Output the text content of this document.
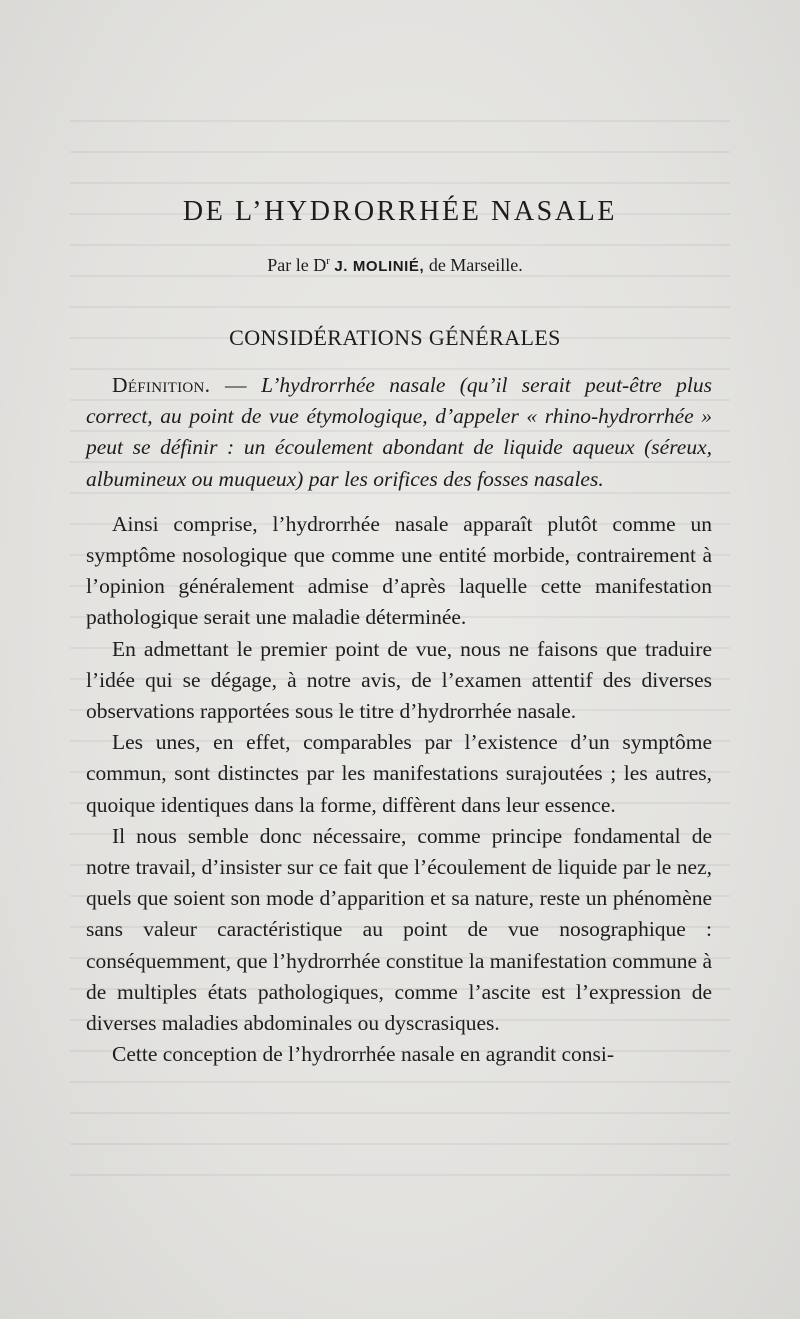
DE L’HYDRORRHÉE NASALE

Par le $D^r$ J. MOLINIÉ, de Marseille.

CONSIDÉRATIONS GÉNÉRALES

Définition. — L’hydrorrhée nasale (qu’il serait peut-être plus correct, au point de vue étymologique, d’appeler « rhino-hydrorrhée » peut se définir : un écoulement abondant de liquide aqueux (séreux, albumineux ou muqueux) par les orifices des fosses nasales.

Ainsi comprise, l’hydrorrhée nasale apparaît plutôt comme un symptôme nosologique que comme une entité morbide, contrairement à l’opinion généralement admise d’après laquelle cette manifestation pathologique serait une maladie déterminée.

En admettant le premier point de vue, nous ne faisons que traduire l’idée qui se dégage, à notre avis, de l’examen attentif des diverses observations rapportées sous le titre d’hydrorrhée nasale.

Les unes, en effet, comparables par l’existence d’un symptôme commun, sont distinctes par les manifestations surajoutées ; les autres, quoique identiques dans la forme, diffèrent dans leur essence.

Il nous semble donc nécessaire, comme principe fondamental de notre travail, d’insister sur ce fait que l’écoulement de liquide par le nez, quels que soient son mode d’apparition et sa nature, reste un phénomène sans valeur caractéristique au point de vue nosographique : conséquemment, que l’hydrorrhée constitue la manifestation commune à de multiples états pathologiques, comme l’ascite est l’expression de diverses maladies abdominales ou dyscrasiques.

Cette conception de l’hydrorrhée nasale en agrandit consi-
